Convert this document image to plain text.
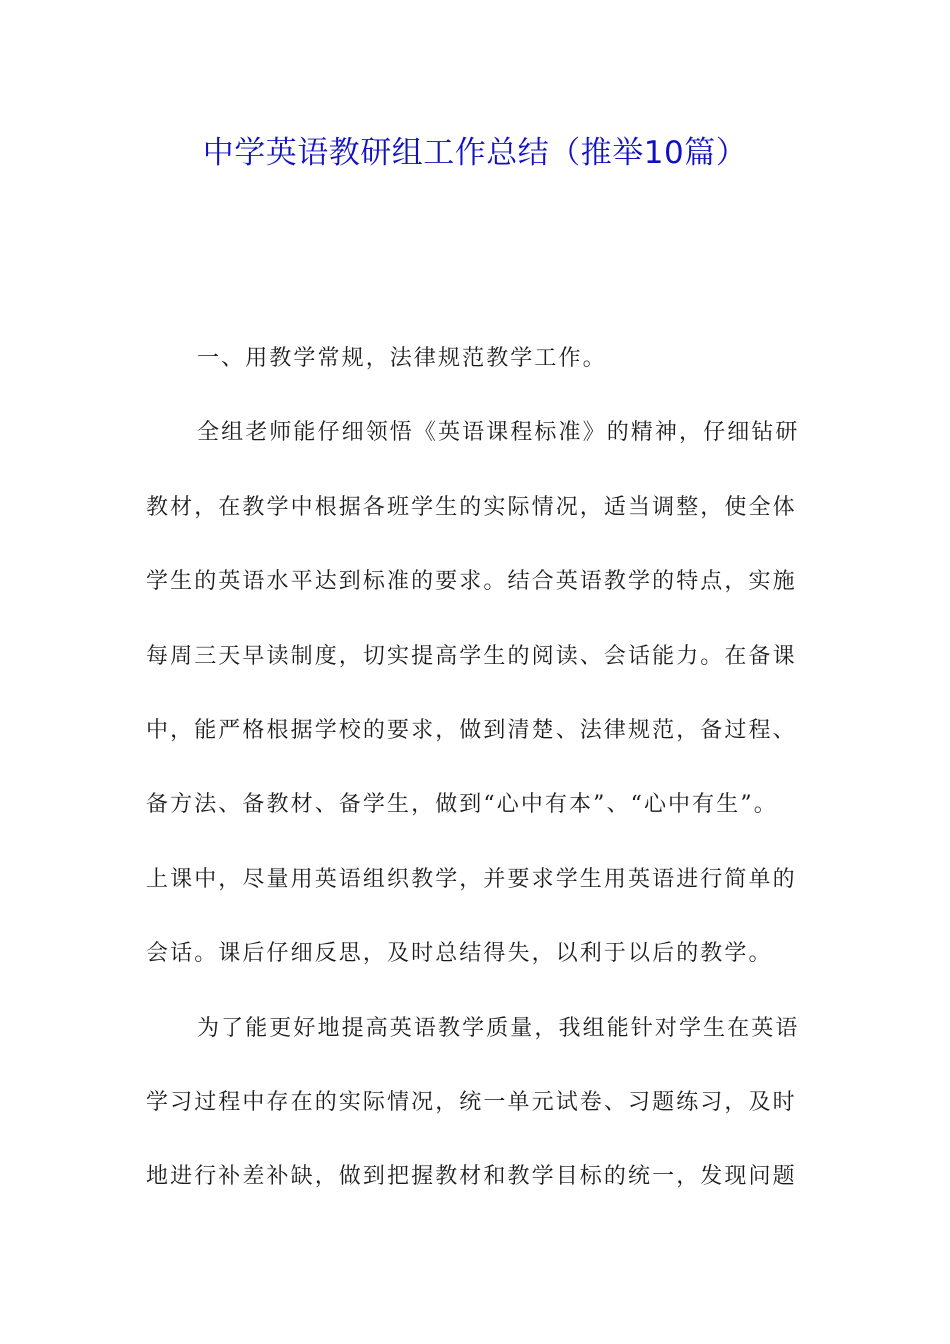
中学英语教研组工作总结（推举10篇）
一、用教学常规，法律规范教学工作。
全组老师能仔细领悟《英语课程标准》的精神，仔细钻研
教材，在教学中根据各班学生的实际情况，适当调整，使全体
学生的英语水平达到标准的要求。结合英语教学的特点，实施
每周三天早读制度，切实提高学生的阅读、会话能力。在备课
中，能严格根据学校的要求，做到清楚、法律规范，备过程、
备方法、备教材、备学生，做到“心中有本”、“心中有生”。
上课中，尽量用英语组织教学，并要求学生用英语进行简单的
会话。课后仔细反思，及时总结得失，以利于以后的教学。
为了能更好地提高英语教学质量，我组能针对学生在英语
学习过程中存在的实际情况，统一单元试卷、习题练习，及时
地进行补差补缺，做到把握教材和教学目标的统一，发现问题
